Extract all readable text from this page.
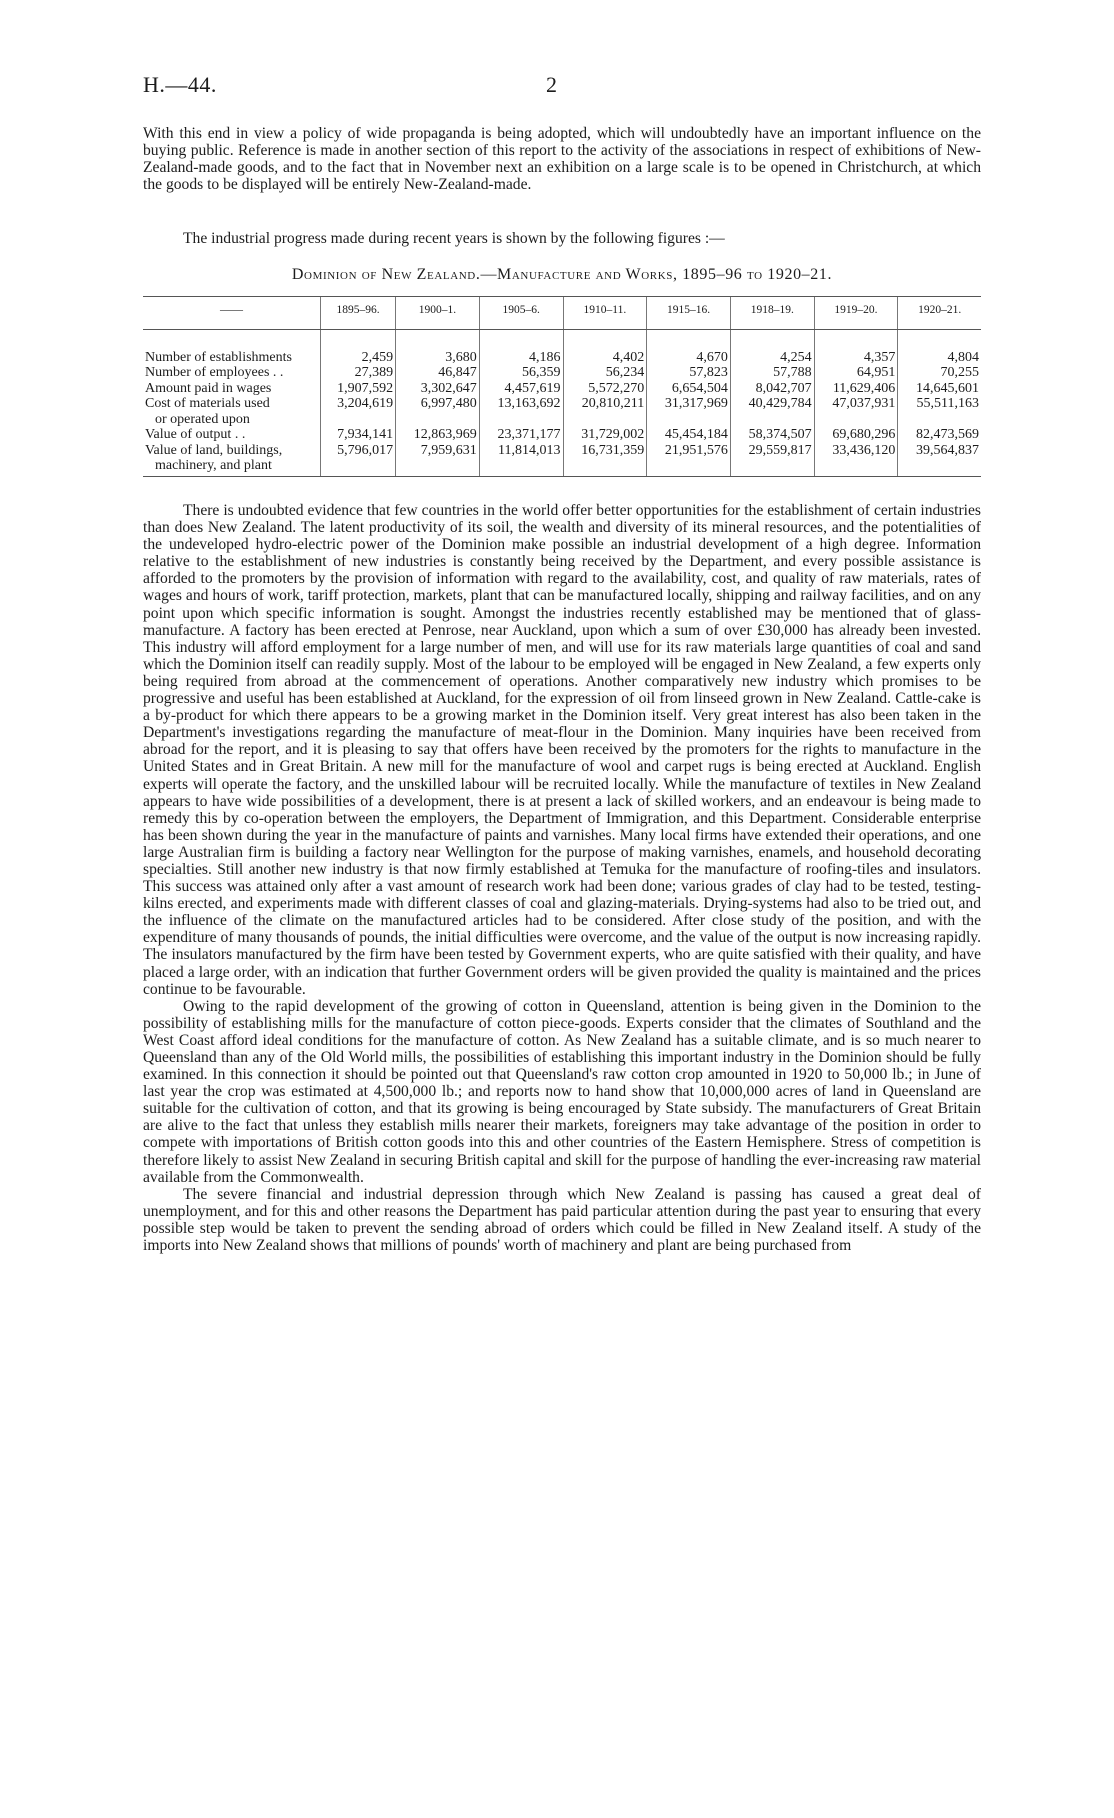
H.—44.	2

With this end in view a policy of wide propaganda is being adopted, which will undoubtedly have an important influence on the buying public. Reference is made in another section of this report to the activity of the associations in respect of exhibitions of New-Zealand-made goods, and to the fact that in November next an exhibition on a large scale is to be opened in Christchurch, at which the goods to be displayed will be entirely New-Zealand-made.

The industrial progress made during recent years is shown by the following figures :—

Dominion of New Zealand.—Manufacture and Works, 1895–96 to 1920–21.
——	1895–96.	1900–1.	1905–6.	1910–11.	1915–16.	1918–19.	1919–20.	1920–21.

Number of establishments	2,459	3,680	4,186	4,402	4,670	4,254	4,357	4,804
Number of employees . .	27,389	46,847	56,359	56,234	57,823	57,788	64,951	70,255
Amount paid in wages	1,907,592	3,302,647	4,457,619	5,572,270	6,654,504	8,042,707	11,629,406	14,645,601
Cost of materials used
or operated upon	3,204,619	6,997,480	13,163,692	20,810,211	31,317,969	40,429,784	47,037,931	55,511,163
Value of output . .	7,934,141	12,863,969	23,371,177	31,729,002	45,454,184	58,374,507	69,680,296	82,473,569
Value of land, buildings,
machinery, and plant	5,796,017	7,959,631	11,814,013	16,731,359	21,951,576	29,559,817	33,436,120	39,564,837

There is undoubted evidence that few countries in the world offer better opportunities for the establishment of certain industries than does New Zealand. The latent productivity of its soil, the wealth and diversity of its mineral resources, and the potentialities of the undeveloped hydro-electric power of the Dominion make possible an industrial development of a high degree. Information relative to the establishment of new industries is constantly being received by the Department, and every possible assistance is afforded to the promoters by the provision of information with regard to the availability, cost, and quality of raw materials, rates of wages and hours of work, tariff protection, markets, plant that can be manufactured locally, shipping and railway facilities, and on any point upon which specific information is sought. Amongst the industries recently established may be mentioned that of glass-manufacture. A factory has been erected at Penrose, near Auckland, upon which a sum of over £30,000 has already been invested. This industry will afford employment for a large number of men, and will use for its raw materials large quantities of coal and sand which the Dominion itself can readily supply. Most of the labour to be employed will be engaged in New Zealand, a few experts only being required from abroad at the commencement of operations. Another comparatively new industry which promises to be progressive and useful has been established at Auckland, for the expression of oil from linseed grown in New Zealand. Cattle-cake is a by-product for which there appears to be a growing market in the Dominion itself. Very great interest has also been taken in the Department's investigations regarding the manufacture of meat-flour in the Dominion. Many inquiries have been received from abroad for the report, and it is pleasing to say that offers have been received by the promoters for the rights to manufacture in the United States and in Great Britain. A new mill for the manufacture of wool and carpet rugs is being erected at Auckland. English experts will operate the factory, and the unskilled labour will be recruited locally. While the manufacture of textiles in New Zealand appears to have wide possibilities of a development, there is at present a lack of skilled workers, and an endeavour is being made to remedy this by co-operation between the employers, the Department of Immigration, and this Department. Considerable enterprise has been shown during the year in the manufacture of paints and varnishes. Many local firms have extended their operations, and one large Australian firm is building a factory near Wellington for the purpose of making varnishes, enamels, and household decorating specialties. Still another new industry is that now firmly established at Temuka for the manufacture of roofing-tiles and insulators. This success was attained only after a vast amount of research work had been done; various grades of clay had to be tested, testing-kilns erected, and experiments made with different classes of coal and glazing-materials. Drying-systems had also to be tried out, and the influence of the climate on the manufactured articles had to be considered. After close study of the position, and with the expenditure of many thousands of pounds, the initial difficulties were overcome, and the value of the output is now increasing rapidly. The insulators manufactured by the firm have been tested by Government experts, who are quite satisfied with their quality, and have placed a large order, with an indication that further Government orders will be given provided the quality is maintained and the prices continue to be favourable.

Owing to the rapid development of the growing of cotton in Queensland, attention is being given in the Dominion to the possibility of establishing mills for the manufacture of cotton piece-goods. Experts consider that the climates of Southland and the West Coast afford ideal conditions for the manufacture of cotton. As New Zealand has a suitable climate, and is so much nearer to Queensland than any of the Old World mills, the possibilities of establishing this important industry in the Dominion should be fully examined. In this connection it should be pointed out that Queensland's raw cotton crop amounted in 1920 to 50,000 lb.; in June of last year the crop was estimated at 4,500,000 lb.; and reports now to hand show that 10,000,000 acres of land in Queensland are suitable for the cultivation of cotton, and that its growing is being encouraged by State subsidy. The manufacturers of Great Britain are alive to the fact that unless they establish mills nearer their markets, foreigners may take advantage of the position in order to compete with importations of British cotton goods into this and other countries of the Eastern Hemisphere. Stress of competition is therefore likely to assist New Zealand in securing British capital and skill for the purpose of handling the ever-increasing raw material available from the Commonwealth.

The severe financial and industrial depression through which New Zealand is passing has caused a great deal of unemployment, and for this and other reasons the Department has paid particular attention during the past year to ensuring that every possible step would be taken to prevent the sending abroad of orders which could be filled in New Zealand itself. A study of the imports into New Zealand shows that millions of pounds' worth of machinery and plant are being purchased from
